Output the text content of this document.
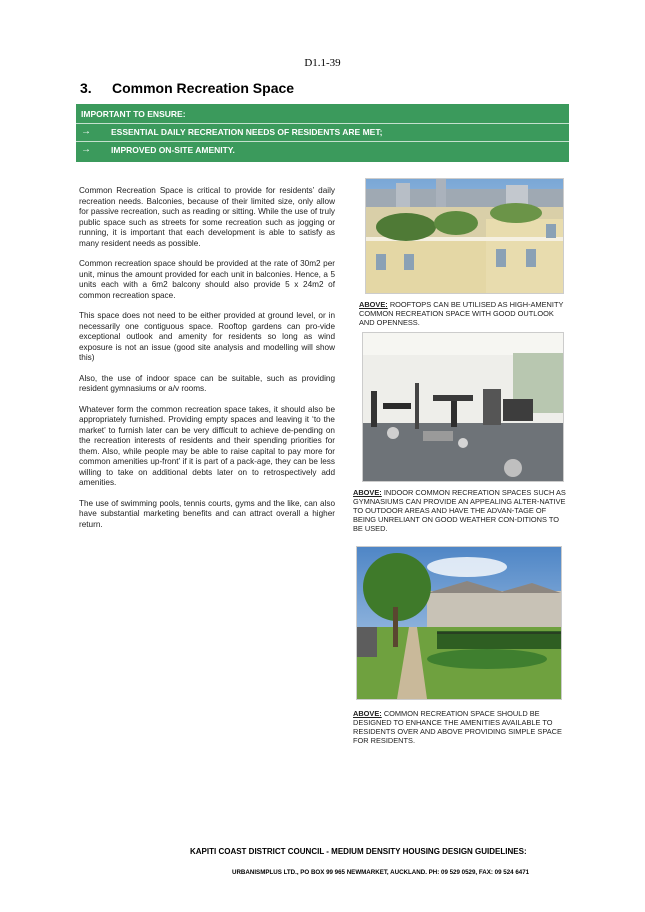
D1.1-39
3. Common Recreation Space
IMPORTANT TO ENSURE:
→ ESSENTIAL DAILY RECREATION NEEDS OF RESIDENTS ARE MET;
→ IMPROVED ON-SITE AMENITY.

Common Recreation Space is critical to provide for residents’ daily recreation needs. Balconies, because of their limited size, only allow for passive recreation, such as reading or sitting. While the use of truly public space such as streets for some recreation such as jogging or running, it is important that each development is able to satisfy as many resident needs as possible.

Common recreation space should be provided at the rate of 30m2 per unit, minus the amount provided for each unit in balconies. Hence, a 5 units each with a 6m2 balcony should also provide 5 x 24m2 of common recreation space.

This space does not need to be either provided at ground level, or in necessarily one contiguous space. Rooftop gardens can pro-vide exceptional outlook and amenity for residents so long as wind exposure is not an issue (good site analysis and modelling will show this)

Also, the use of indoor space can be suitable, such as providing resident gymnasiums or a/v rooms.

Whatever form the common recreation space takes, it should also be appropriately furnished. Providing empty spaces and leaving it ‘to the market’ to furnish later can be very difficult to achieve de-pending on the recreation interests of residents and their spending priorities for them. Also, while people may be able to raise capital to pay more for common amenities up-front’ if it is part of a pack-age, they can be less willing to take on additional debts later on to retrospectively add amenities.

The use of swimming pools, tennis courts, gyms and the like, can also have substantial marketing benefits and can attract overall a higher return.

ABOVE: ROOFTOPS CAN BE UTILISED AS HIGH-AMENITY COMMON RECREATION SPACE WITH GOOD OUTLOOK AND OPENNESS.
ABOVE: INDOOR COMMON RECREATION SPACES SUCH AS GYMNASIUMS CAN PROVIDE AN APPEALING ALTER-NATIVE TO OUTDOOR AREAS AND HAVE THE ADVAN-TAGE OF BEING UNRELIANT ON GOOD WEATHER CON-DITIONS TO BE USED.
ABOVE: COMMON RECREATION SPACE SHOULD BE DESIGNED TO ENHANCE THE AMENITIES AVAILABLE TO RESIDENTS OVER AND ABOVE PROVIDING SIMPLE SPACE FOR RESIDENTS.
KAPITI COAST DISTRICT COUNCIL - MEDIUM DENSITY HOUSING DESIGN GUIDELINES:
URBANISMPLUS LTD., PO BOX 99 965 NEWMARKET, AUCKLAND. PH: 09 529 0529, FAX: 09 524 6471
